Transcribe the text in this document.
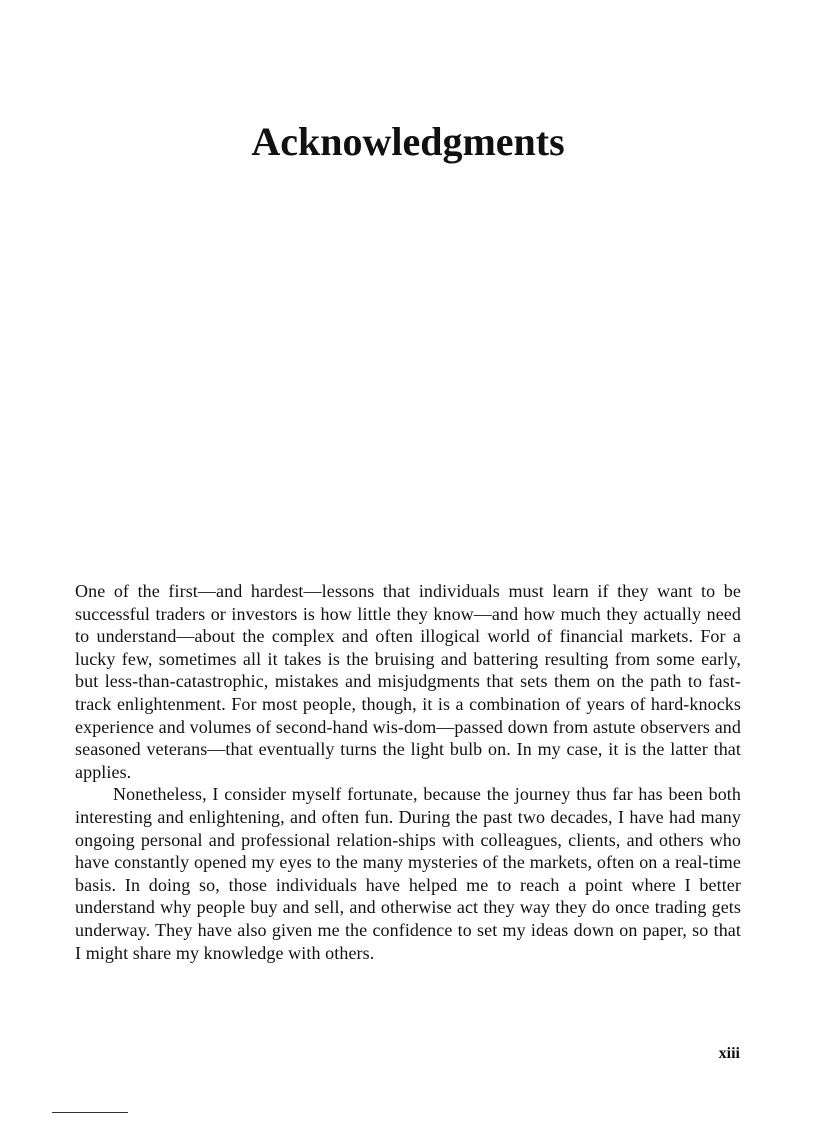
Acknowledgments

One of the first—and hardest—lessons that individuals must learn if they want to be successful traders or investors is how little they know—and how much they actually need to understand—about the complex and often illogical world of financial markets. For a lucky few, sometimes all it takes is the bruising and battering resulting from some early, but less-than-catastrophic, mistakes and misjudgments that sets them on the path to fast-track enlightenment. For most people, though, it is a combination of years of hard-knocks experience and volumes of second-hand wis-dom—passed down from astute observers and seasoned veterans—that eventually turns the light bulb on. In my case, it is the latter that applies.

Nonetheless, I consider myself fortunate, because the journey thus far has been both interesting and enlightening, and often fun. During the past two decades, I have had many ongoing personal and professional relation-ships with colleagues, clients, and others who have constantly opened my eyes to the many mysteries of the markets, often on a real-time basis. In doing so, those individuals have helped me to reach a point where I better understand why people buy and sell, and otherwise act they way they do once trading gets underway. They have also given me the confidence to set my ideas down on paper, so that I might share my knowledge with others.

xiii
